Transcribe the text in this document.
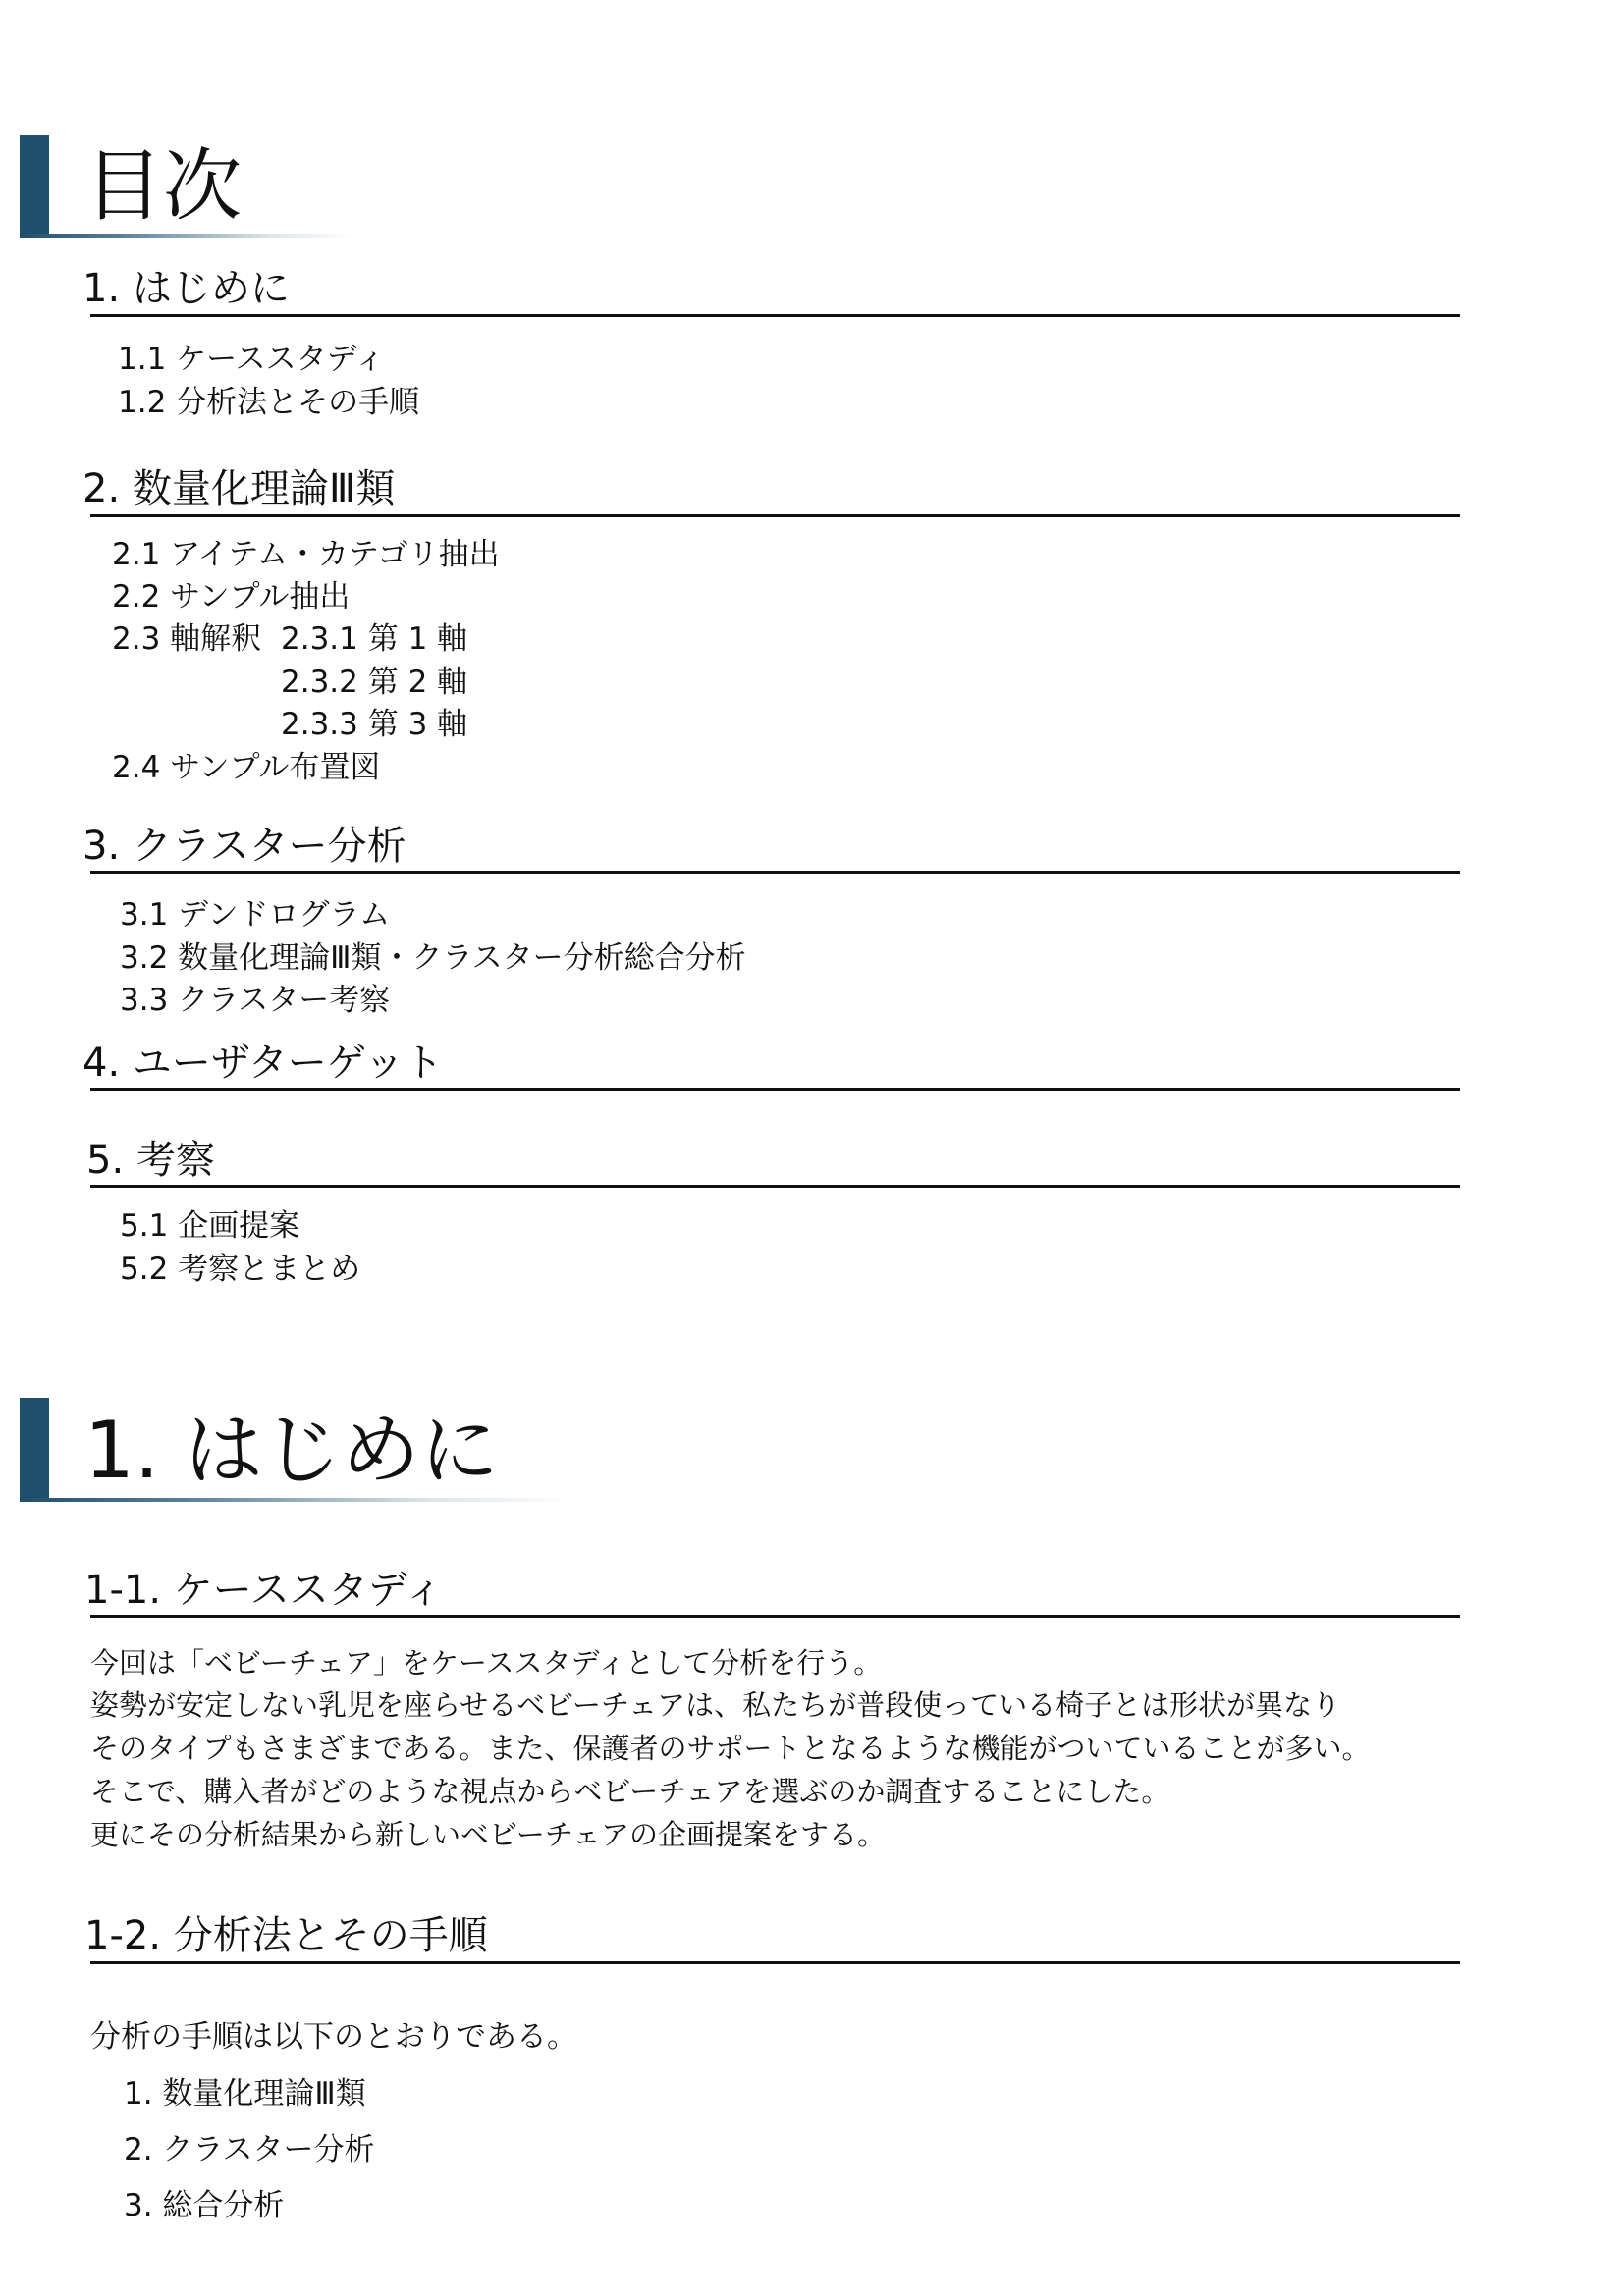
目次
1. はじめに
1.1 ケーススタディ
1.2 分析法とその手順
2. 数量化理論Ⅲ類
2.1 アイテム・カテゴリ抽出
2.2 サンプル抽出
2.3 軸解釈 2.3.1 第 1 軸
2.3.2 第 2 軸
2.3.3 第 3 軸
2.4 サンプル布置図
3. クラスター分析
3.1 デンドログラム
3.2 数量化理論Ⅲ類・クラスター分析総合分析
3.3 クラスター考察
4. ユーザターゲット
5. 考察
5.1 企画提案
5.2 考察とまとめ
1. はじめに
1-1. ケーススタディ
今回は「ベビーチェア」をケーススタディとして分析を行う。
姿勢が安定しない乳児を座らせるベビーチェアは、私たちが普段使っている椅子とは形状が異なり
そのタイプもさまざまである。また、保護者のサポートとなるような機能がついていることが多い。
そこで、購入者がどのような視点からベビーチェアを選ぶのか調査することにした。
更にその分析結果から新しいベビーチェアの企画提案をする。
1-2. 分析法とその手順
分析の手順は以下のとおりである。
1. 数量化理論Ⅲ類
2. クラスター分析
3. 総合分析
